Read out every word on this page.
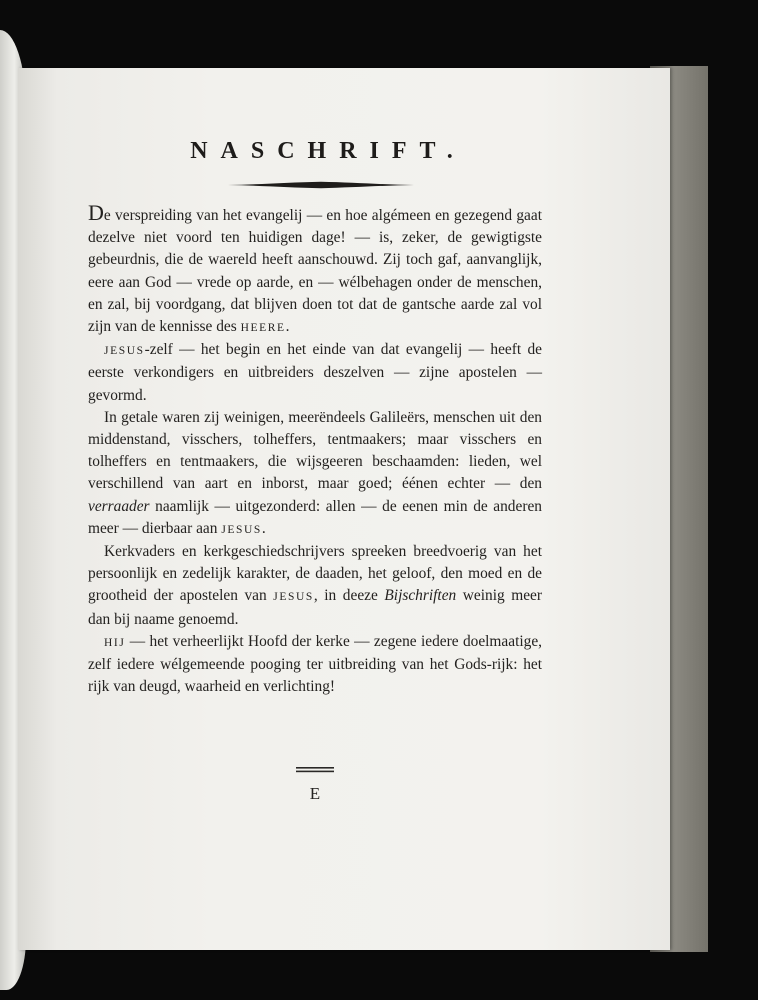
NASCHRIFT.

De verspreiding van het evangelij — en hoe algémeen en gezegend gaat dezelve niet voord ten huidigen dage! — is, zeker, de gewigtigste gebeurdnis, die de waereld heeft aanschouwd. Zij toch gaf, aanvanglijk, eere aan God — vrede op aarde, en — wélbehagen onder de menschen, en zal, bij voordgang, dat blijven doen tot dat de gantsche aarde zal vol zijn van de kennisse des HEERE.

JESUS-zelf — het begin en het einde van dat evangelij — heeft de eerste verkondigers en uitbreiders deszelven — zijne apostelen — gevormd.

In getale waren zij weinigen, meerëndeels Galileërs, menschen uit den middenstand, visschers, tolheffers, tentmaakers; maar visschers en tolheffers en tentmaakers, die wijsgeeren beschaamden: lieden, wel verschillend van aart en inborst, maar goed; éénen echter — den verraader naamlijk — uitgezonderd: allen — de eenen min de anderen meer — dierbaar aan JESUS.

Kerkvaders en kerkgeschiedschrijvers spreeken breedvoerig van het persoonlijk en zedelijk karakter, de daaden, het geloof, den moed en de grootheid der apostelen van JESUS, in deeze Bijschriften weinig meer dan bij naame genoemd.

HIJ — het verheerlijkt Hoofd der kerke — zegene iedere doelmaatige, zelf iedere wélgemeende pooging ter uitbreiding van het Gods-rijk: het rijk van deugd, waarheid en verlichting!

E
